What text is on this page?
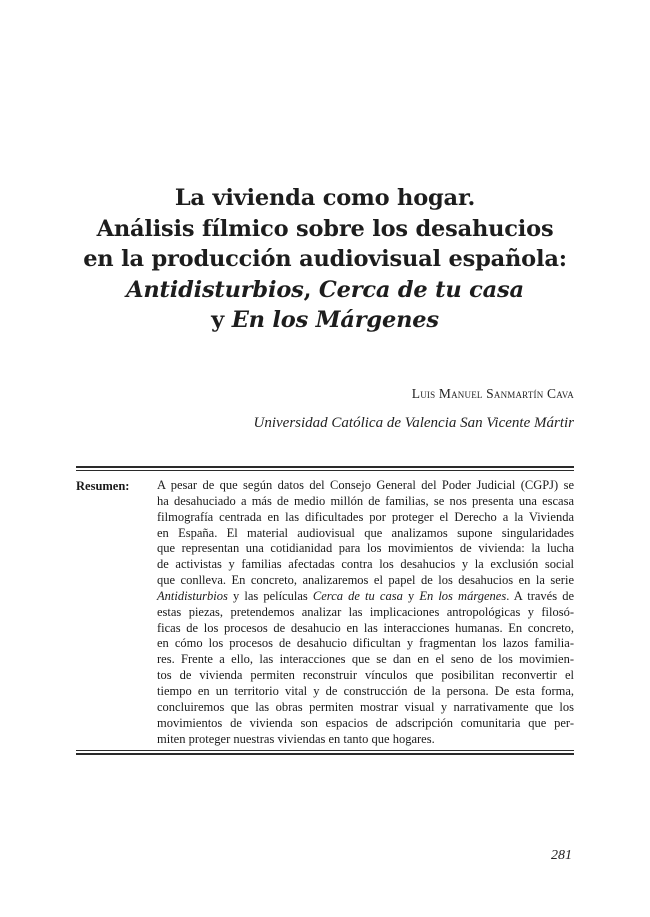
La vivienda como hogar.
Análisis fílmico sobre los desahucios
en la producción audiovisual española:
Antidisturbios, Cerca de tu casa
y En los Márgenes
Luis Manuel Sanmartín Cava
Universidad Católica de Valencia San Vicente Mártir
Resumen: A pesar de que según datos del Consejo General del Poder Judicial (CGPJ) se
ha desahuciado a más de medio millón de familias, se nos presenta una escasa
filmografía centrada en las dificultades por proteger el Derecho a la Vivienda
en España. El material audiovisual que analizamos supone singularidades
que representan una cotidianidad para los movimientos de vivienda: la lucha
de activistas y familias afectadas contra los desahucios y la exclusión social
que conlleva. En concreto, analizaremos el papel de los desahucios en la serie
Antidisturbios y las películas Cerca de tu casa y En los márgenes. A través de
estas piezas, pretendemos analizar las implicaciones antropológicas y filosó-
ficas de los procesos de desahucio en las interacciones humanas. En concreto,
en cómo los procesos de desahucio dificultan y fragmentan los lazos familia-
res. Frente a ello, las interacciones que se dan en el seno de los movimien-
tos de vivienda permiten reconstruir vínculos que posibilitan reconvertir el
tiempo en un territorio vital y de construcción de la persona. De esta forma,
concluiremos que las obras permiten mostrar visual y narrativamente que los
movimientos de vivienda son espacios de adscripción comunitaria que per-
miten proteger nuestras viviendas en tanto que hogares.
281
